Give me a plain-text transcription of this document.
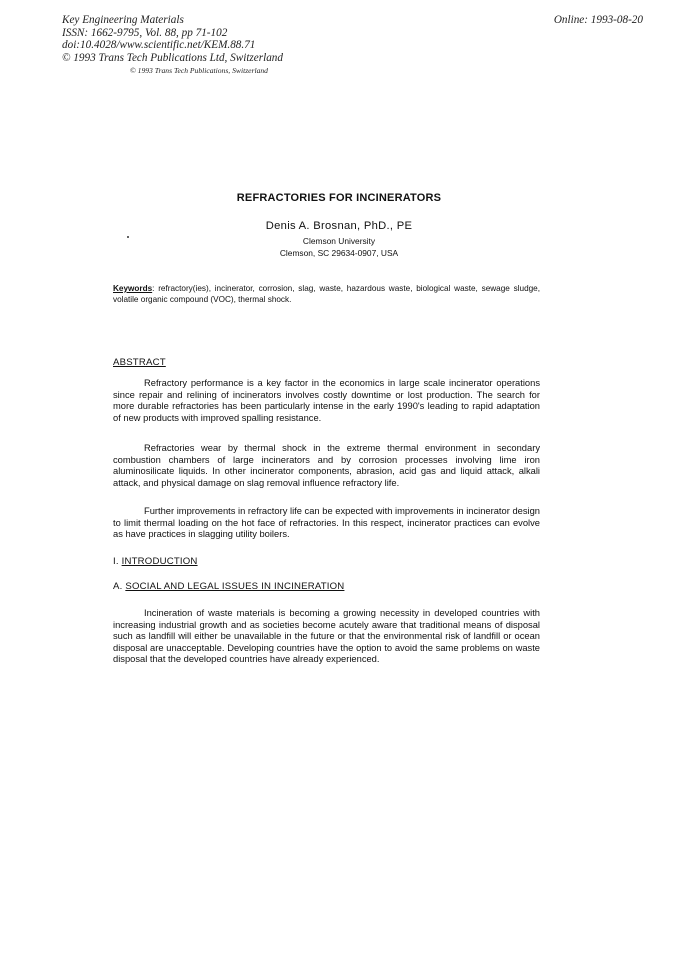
Key Engineering Materials
ISSN: 1662-9795, Vol. 88, pp 71-102
doi:10.4028/www.scientific.net/KEM.88.71
© 1993 Trans Tech Publications Ltd, Switzerland
Online: 1993-08-20
© 1993 Trans Tech Publications, Switzerland
REFRACTORIES FOR INCINERATORS
Denis A. Brosnan, PhD., PE
Clemson University
Clemson, SC 29634-0907, USA
Keywords: refractory(ies), incinerator, corrosion, slag, waste, hazardous waste, biological waste, sewage sludge, volatile organic compound (VOC), thermal shock.
ABSTRACT
Refractory performance is a key factor in the economics in large scale incinerator operations since repair and relining of incinerators involves costly downtime or lost production. The search for more durable refractories has been particularly intense in the early 1990's leading to rapid adaptation of new products with improved spalling resistance.
Refractories wear by thermal shock in the extreme thermal environment in secondary combustion chambers of large incinerators and by corrosion processes involving lime iron aluminosilicate liquids. In other incinerator components, abrasion, acid gas and liquid attack, alkali attack, and physical damage on slag removal influence refractory life.
Further improvements in refractory life can be expected with improvements in incinerator design to limit thermal loading on the hot face of refractories. In this respect, incinerator practices can evolve as have practices in slagging utility boilers.
I. INTRODUCTION
A. SOCIAL AND LEGAL ISSUES IN INCINERATION
Incineration of waste materials is becoming a growing necessity in developed countries with increasing industrial growth and as societies become acutely aware that traditional means of disposal such as landfill will either be unavailable in the future or that the environmental risk of landfill or ocean disposal are unacceptable. Developing countries have the option to avoid the same problems on waste disposal that the developed countries have already experienced.
